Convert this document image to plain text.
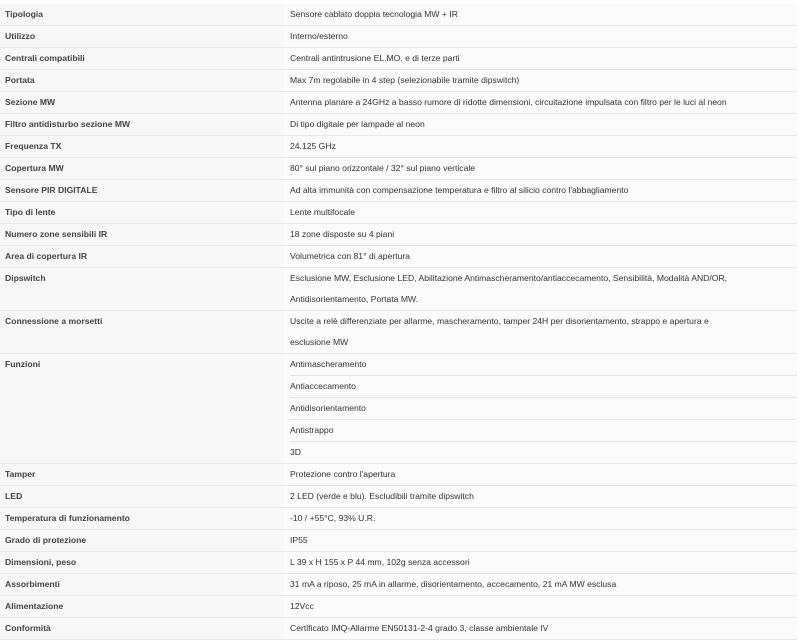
Tipologia	Sensore cablato doppia tecnologia MW + IR

Utilizzo	Interno/esterno

Centrali compatibili	Centrali antintrusione EL.MO. e di terze parti

Portata	Max 7m regolabile in 4 step (selezionabile tramite dipswitch)

Sezione MW	Antenna planare a 24GHz a basso rumore di ridotte dimensioni, circuitazione impulsata con filtro per le luci al neon

Filtro antidisturbo sezione MW	Di tipo digitale per lampade al neon

Frequenza TX	24.125 GHz

Copertura MW	80° sul piano orizzontale / 32° sul piano verticale

Sensore PIR DIGITALE	Ad alta immunità con compensazione temperatura e filtro al silicio contro l'abbagliamento

Tipo di lente	Lente multifocale

Numero zone sensibili IR	18 zone disposte su 4 piani

Area di copertura IR	Volumetrica con 81° di apertura

Dipswitch	Esclusione MW, Esclusione LED, Abilitazione Antimascheramento/antiaccecamento, Sensibilità, Modalità AND/OR,
Antidisorientamento, Portata MW.

Connessione a morsetti	Uscite a relè differenziate per allarme, mascheramento, tamper 24H per disorientamento, strappo e apertura e
esclusione MW

Funzioni	Antimascheramento
Antiaccecamento
Antidisorientamento
Antistrappo
3D

Tamper	Protezione contro l'apertura

LED	2 LED (verde e blu). Escludibili tramite dipswitch

Temperatura di funzionamento	-10 / +55°C, 93% U.R.

Grado di protezione	IP55

Dimensioni, peso	L 39 x H 155 x P 44 mm, 102g senza accessori

Assorbimenti	31 mA a riposo, 25 mA in allarme, disorientamento, accecamento, 21 mA MW esclusa

Alimentazione	12Vcc

Conformità	Certificato IMQ-Allarme EN50131-2-4 grado 3, classe ambientale IV
